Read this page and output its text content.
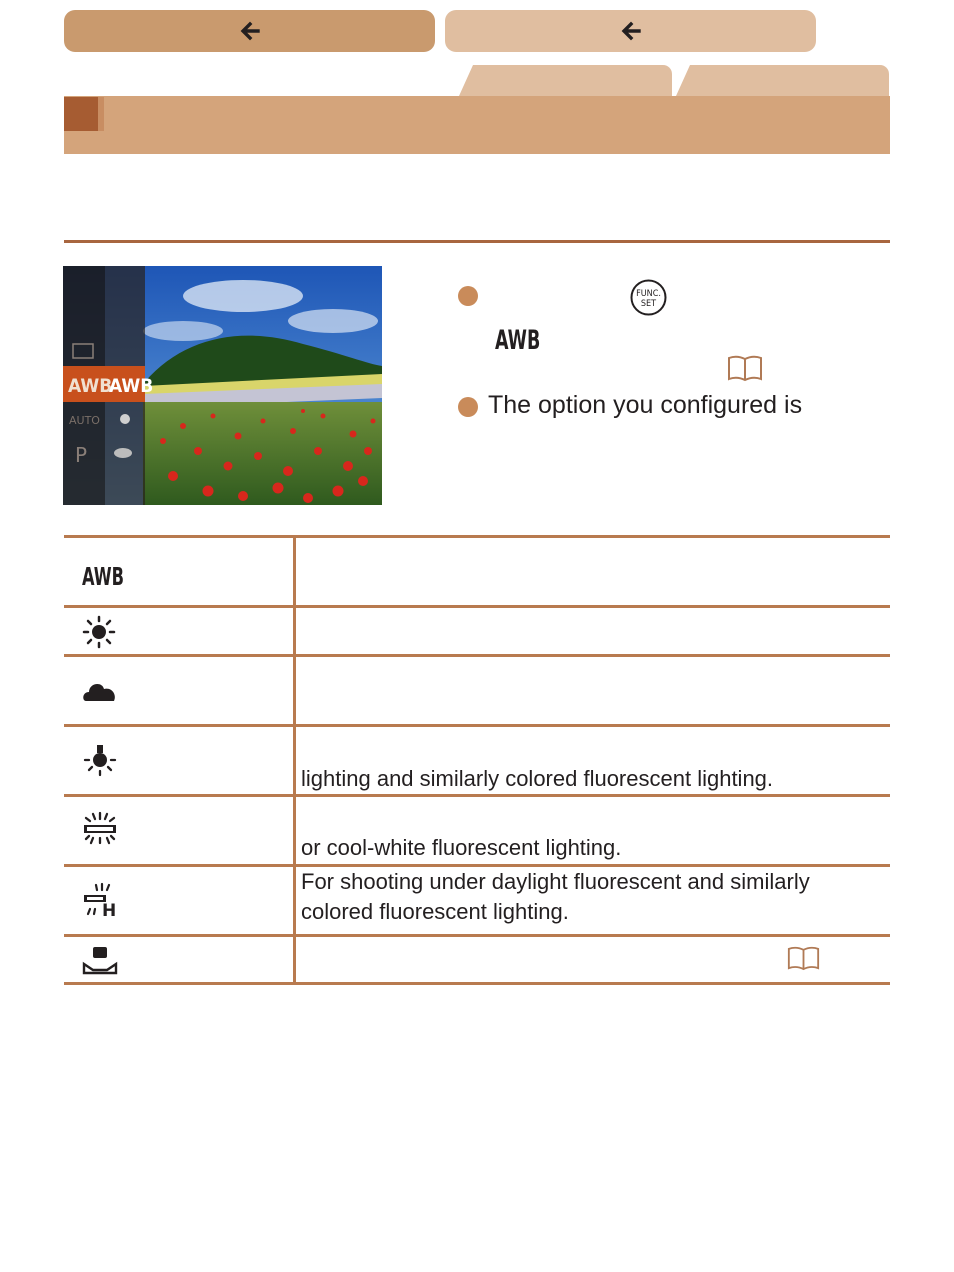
AWB
AWB
P
AUTO
FUNC.
SET
AWB
The option you configured is
AWB
lighting and similarly colored fluorescent lighting.
or cool-white fluorescent lighting.
H
For shooting under daylight fluorescent and similarly
colored fluorescent lighting.
